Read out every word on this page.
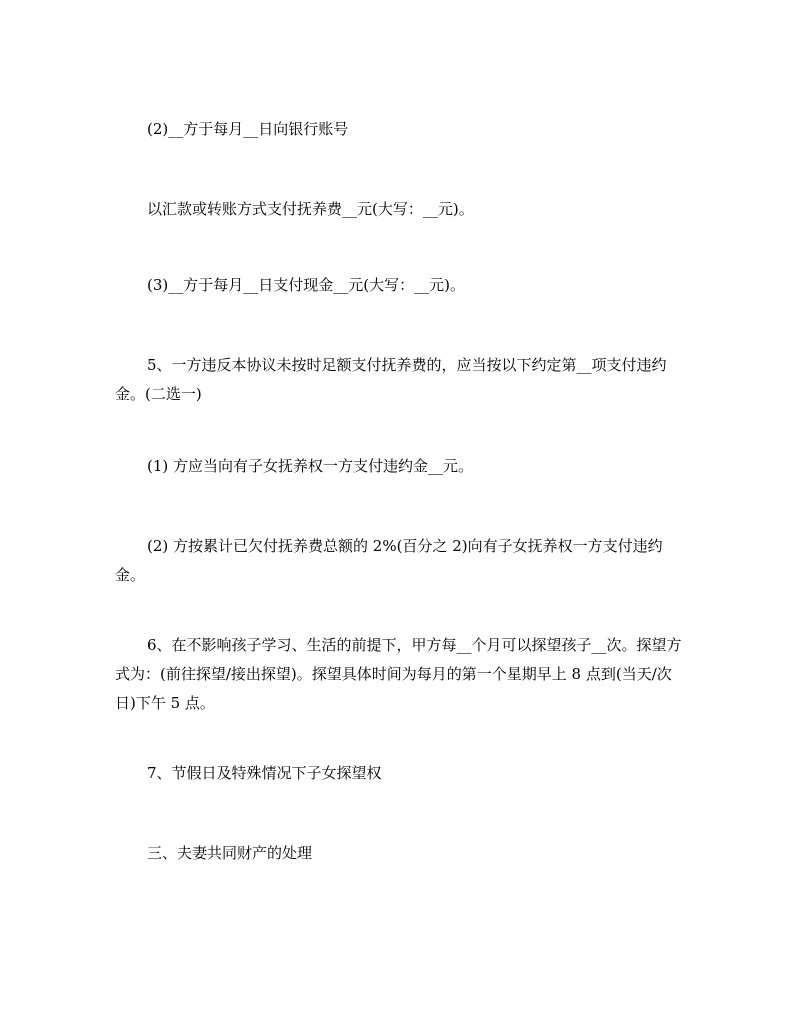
(2)__方于每月__日向银行账号

以汇款或转账方式支付抚养费__元(大写：__元)。

(3)__方于每月__日支付现金__元(大写：__元)。

5、一方违反本协议未按时足额支付抚养费的，应当按以下约定第__项支付违约金。(二选一)

(1) 方应当向有子女抚养权一方支付违约金__元。

(2) 方按累计已欠付抚养费总额的 2%(百分之 2)向有子女抚养权一方支付违约金。

6、在不影响孩子学习、生活的前提下，甲方每__个月可以探望孩子__次。探望方式为：(前往探望/接出探望)。探望具体时间为每月的第一个星期早上 8 点到(当天/次日)下午 5 点。

7、节假日及特殊情况下子女探望权

三、夫妻共同财产的处理
